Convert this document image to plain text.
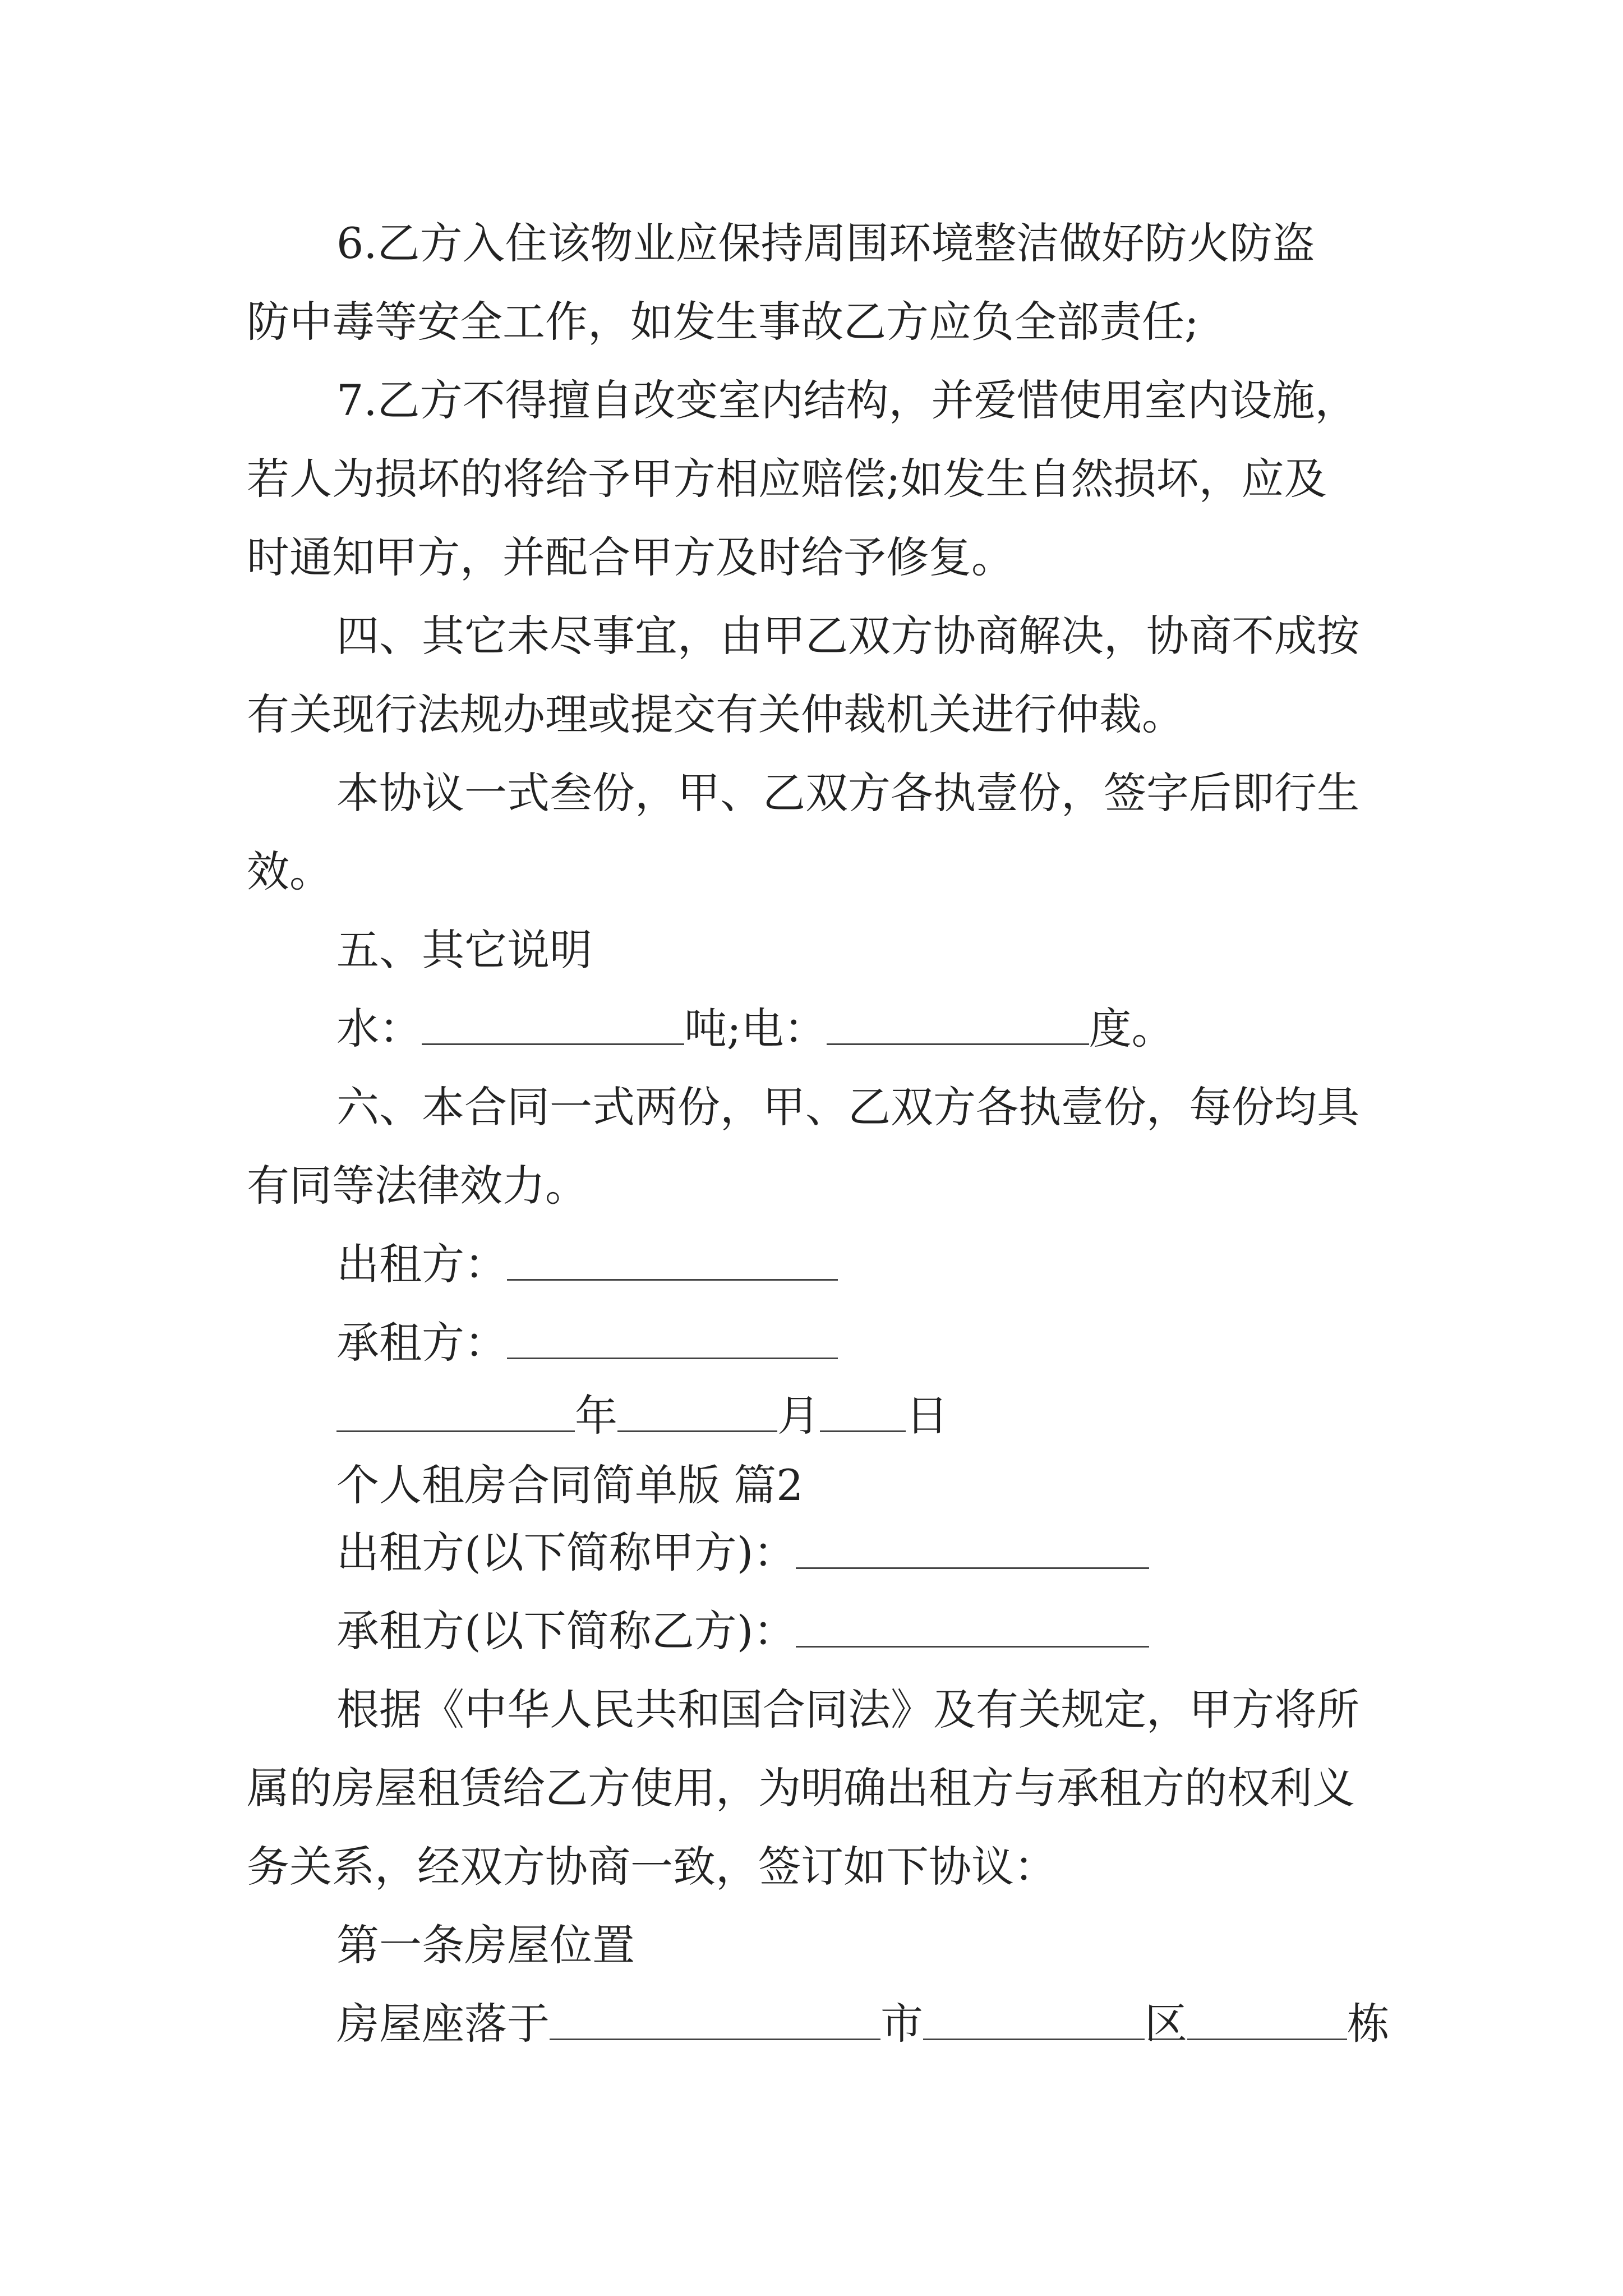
6.乙方入住该物业应保持周围环境整洁做好防火防盗
防中毒等安全工作，如发生事故乙方应负全部责任;
7.乙方不得擅自改变室内结构，并爱惜使用室内设施，
若人为损坏的将给予甲方相应赔偿;如发生自然损坏，应及
时通知甲方，并配合甲方及时给予修复。
四、其它未尽事宜，由甲乙双方协商解决，协商不成按
有关现行法规办理或提交有关仲裁机关进行仲裁。
本协议一式叁份，甲、乙双方各执壹份，签字后即行生
效。
五、其它说明
水：	吨;电：	度。
六、本合同一式两份，甲、乙双方各执壹份，每份均具
有同等法律效力。
出租方：
承租方：
年	月 日
个人租房合同简单版 篇2
出租方(以下简称甲方)：
承租方(以下简称乙方)：
根据《中华人民共和国合同法》及有关规定，甲方将所
属的房屋租赁给乙方使用，为明确出租方与承租方的权利义
务关系，经双方协商一致，签订如下协议：
第一条房屋位置
房屋座落于	市	区	栋
